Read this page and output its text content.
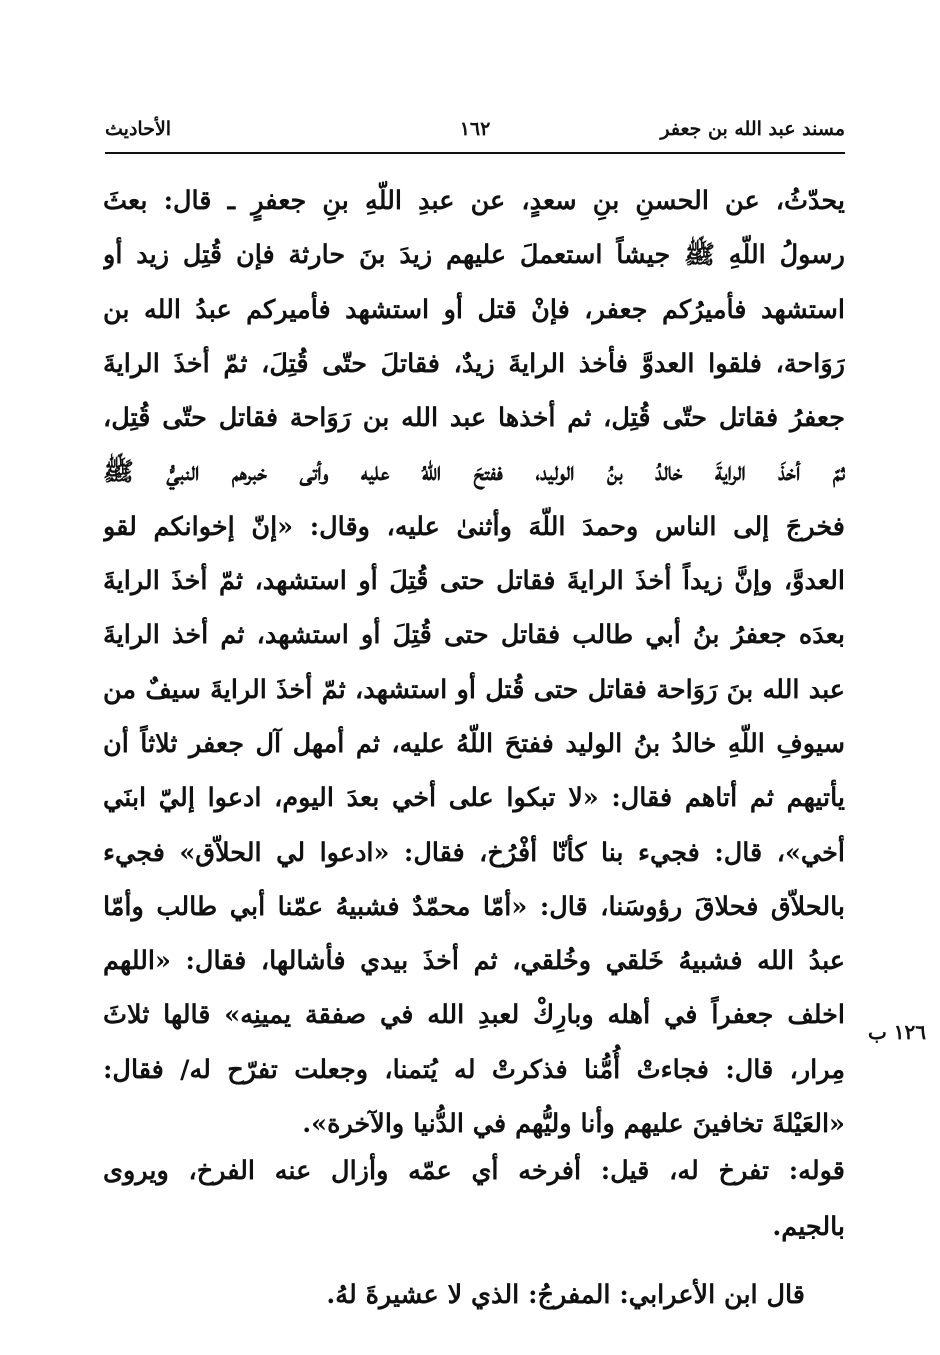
مسند عبد الله بن جعفر
١٦٢
الأحاديث
يحدّثُ، عن الحسنِ بنِ سعدٍ، عن عبدِ اللّهِ بنِ جعفرٍ ـ قال: بعثَ
رسولُ اللّهِ ﷺ جيشاً استعملَ عليهم زيدَ بنَ حارثة فإن قُتِل زيد أو
استشهد فأميرُكم جعفر، فإنْ قتل أو استشهد فأميركم عبدُ الله بن
رَوَاحة، فلقوا العدوَّ فأخذ الرايةَ زيدٌ، فقاتلَ حتّى قُتِلَ، ثمّ أخذَ الرايةَ
جعفرُ فقاتل حتّى قُتِل، ثم أخذها عبد الله بن رَوَاحة فقاتل حتّى قُتِل،
ثمّ أخذَ الرايةَ خالدُ بنُ الوليد، ففتحَ اللّهُ عليه وأتى خبرهم النبيُّ ﷺ
فخرجَ إلى الناس وحمدَ اللّهَ وأثنىٰ عليه، وقال: «إنّ إخوانكم لقو
العدوَّ، وإنَّ زيداً أخذَ الرايةَ فقاتل حتى قُتِلَ أو استشهد، ثمّ أخذَ الرايةَ
بعدَه جعفرُ بنُ أبي طالب فقاتل حتى قُتِلَ أو استشهد، ثم أخذ الرايةَ
عبد الله بنَ رَوَاحة فقاتل حتى قُتل أو استشهد، ثمّ أخذَ الرايةَ سيفٌ من
سيوفِ اللّهِ خالدُ بنُ الوليد ففتحَ اللّهُ عليه، ثم أمهل آل جعفر ثلاثاً أن
يأتيهم ثم أتاهم فقال: «لا تبكوا على أخي بعدَ اليوم، ادعوا إليّ ابنَي
أخي»، قال: فجيء بنا كأنّا أفْرُخ، فقال: «ادعوا لي الحلاّق» فجيء
بالحلاّق فحلاقَ رؤوسَنا، قال: «أمّا محمّدٌ فشبيهُ عمّنا أبي طالب وأمّا
عبدُ الله فشبيهُ خَلقي وخُلقي، ثم أخذَ بيدي فأشالها، فقال: «اللهم
اخلف جعفراً في أهله وبارِكْ لعبدِ الله في صفقة يمينِه» قالها ثلاثَ
مِرار، قال: فجاءتْ أُمُّنا فذكرتْ له يُتمنا، وجعلت تفرّح له/ فقال:
«العَيْلةَ تخافينَ عليهم وأنا وليُّهم في الدُّنيا والآخرة».
١٢٦ ب
قوله: تفرخ له، قيل: أفرخه أي عمّه وأزال عنه الفرخ، ويروى
بالجيم.
قال ابن الأعرابي: المفرجُ: الذي لا عشيرةَ لهُ.
